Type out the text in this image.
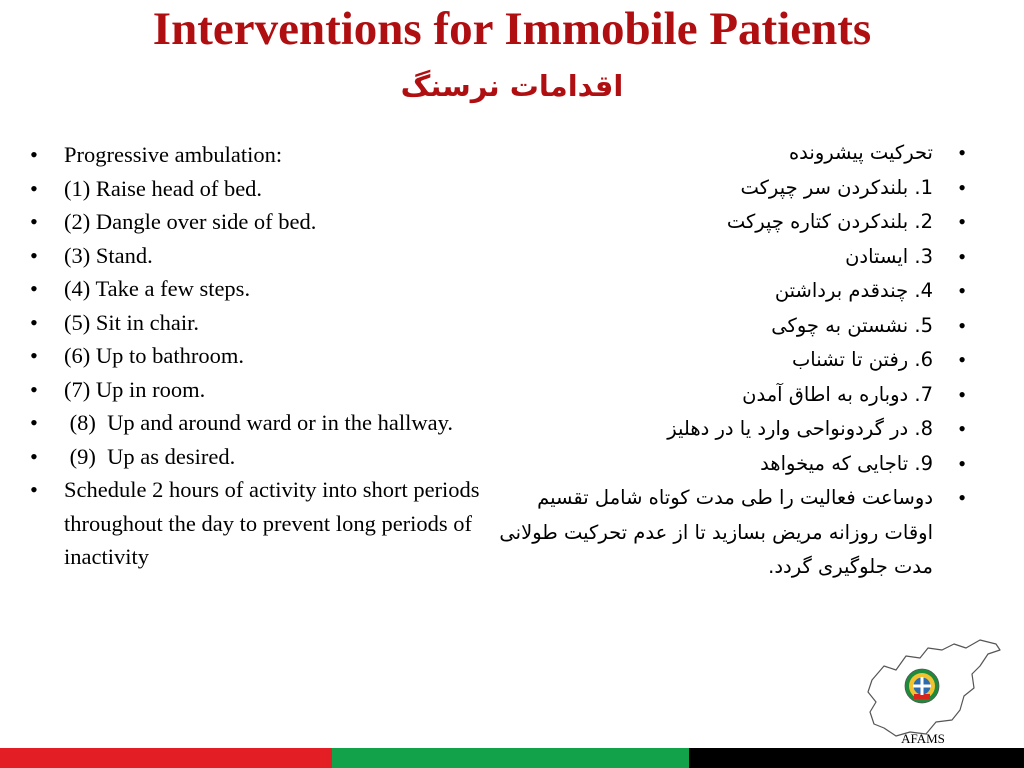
Interventions for Immobile Patients
اقدامات نرسنگ
• Progressive ambulation:
• (1) Raise head of bed.
• (2) Dangle over side of bed.
• (3) Stand.
• (4) Take a few steps.
• (5) Sit in chair.
• (6) Up to bathroom.
• (7) Up in room.
•  (8)  Up and around ward or in the hallway.
•  (9)  Up as desired.
• Schedule 2 hours of activity into short periods throughout the day to prevent long periods of inactivity
• تحرکیت پیشرونده
• 1. بلندکردن سر چپرکت
• 2. بلندکردن کتاره چپرکت
• 3. ایستادن
• 4. چندقدم برداشتن
• 5. نشستن به چوکی
• 6. رفتن تا تشناب
• 7. دوباره به اطاق آمدن
• 8. در گردونواحی وارد یا در دهلیز
• 9. تاجایی که میخواهد
• دوساعت فعالیت را طی مدت کوتاه شامل تقسیم اوقات روزانه مریض بسازید تا از عدم تحرکیت طولانی مدت جلوگیری گردد.
AFAMS
